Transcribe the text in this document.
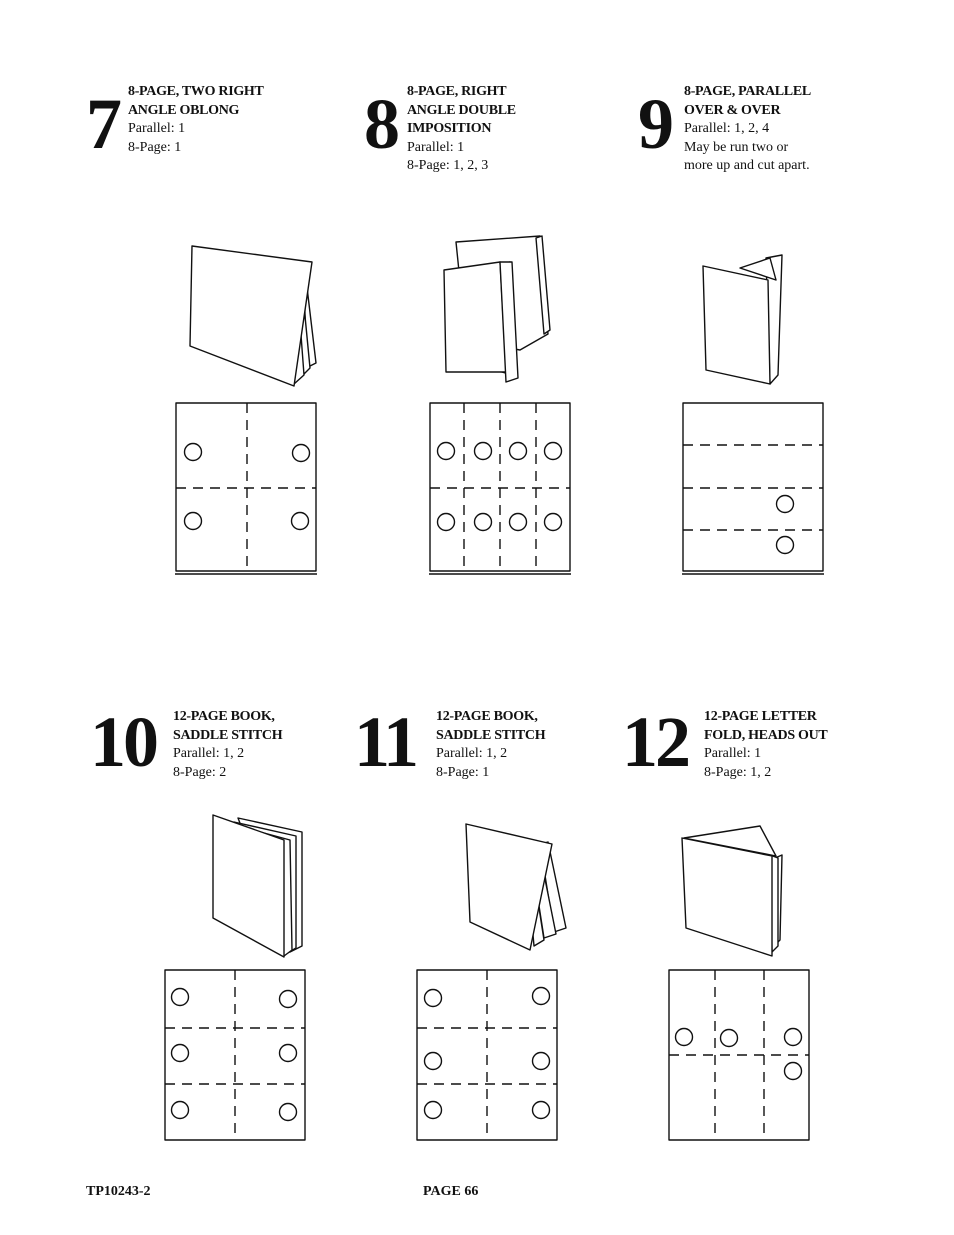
7 8-PAGE, TWO RIGHT
ANGLE OBLONG
Parallel: 1
8-Page: 1	8 8-PAGE, RIGHT
ANGLE DOUBLE
IMPOSITION
Parallel: 1
8-Page: 1, 2, 3
9 8-PAGE, PARALLEL
OVER & OVER
Parallel: 1, 2, 4
May be run two or
more up and cut apart.
10 12-PAGE BOOK,
SADDLE STITCH
Parallel: 1, 2
8-Page: 2	11 12-PAGE BOOK,
SADDLE STITCH
Parallel: 1, 2
8-Page: 1	12 12-PAGE LETTER
FOLD, HEADS OUT
Parallel: 1
8-Page: 1, 2
TP10243-2	PAGE 66
